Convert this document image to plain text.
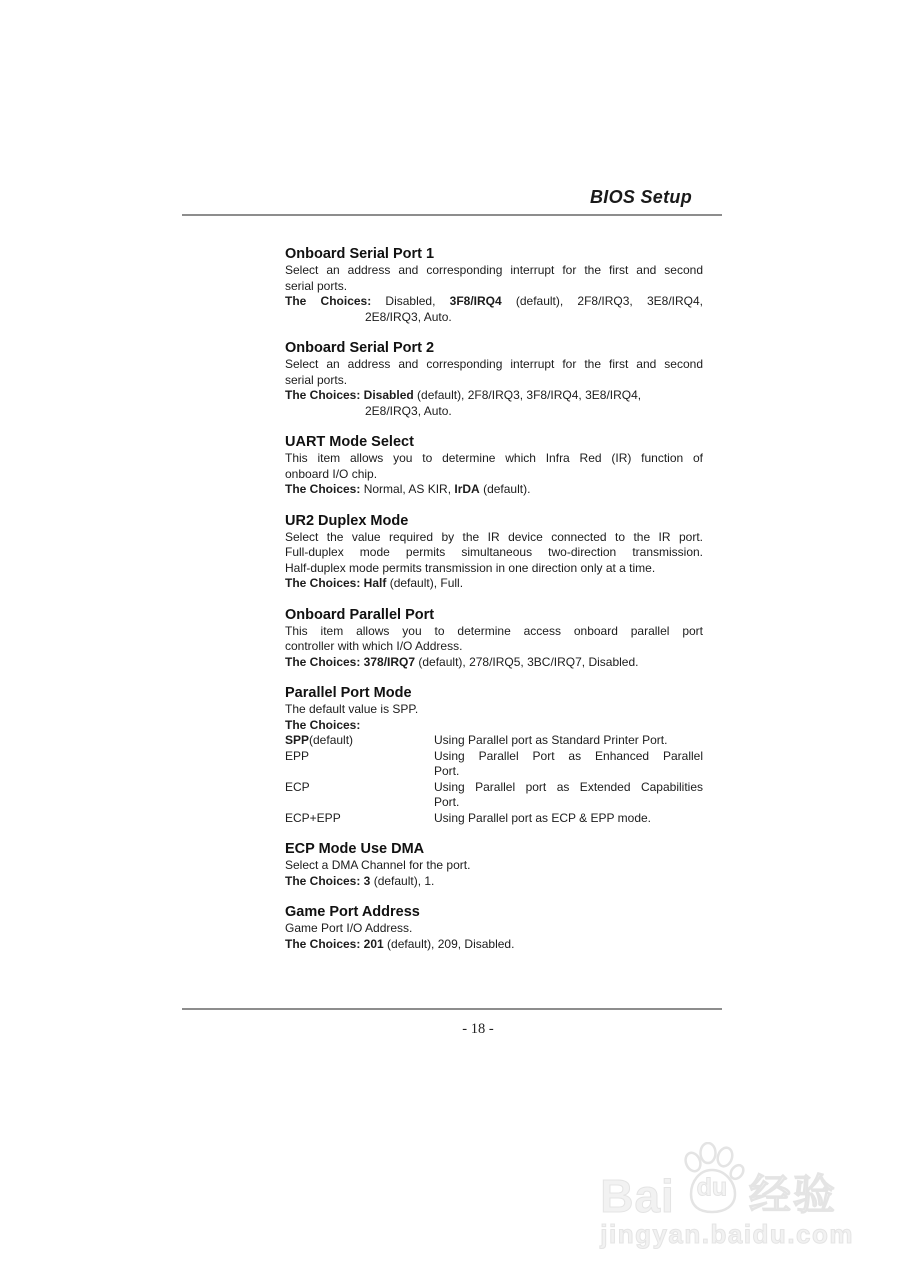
BIOS Setup
Onboard Serial Port 1
Select an address and corresponding interrupt for the first and second
serial ports.
The Choices: Disabled, 3F8/IRQ4 (default), 2F8/IRQ3, 3E8/IRQ4,
2E8/IRQ3, Auto.
Onboard Serial Port 2
Select an address and corresponding interrupt for the first and second
serial ports.
The Choices: Disabled (default), 2F8/IRQ3, 3F8/IRQ4, 3E8/IRQ4,
2E8/IRQ3, Auto.
UART Mode Select
This item allows you to determine which Infra Red (IR) function of
onboard I/O chip.
The Choices: Normal, AS KIR, IrDA (default).
UR2 Duplex Mode
Select the value required by the IR device connected to the IR port.
Full-duplex mode permits simultaneous two-direction transmission.
Half-duplex mode permits transmission in one direction only at a time.
The Choices: Half (default), Full.
Onboard Parallel Port
This item allows you to determine access onboard parallel port
controller with which I/O Address.
The Choices: 378/IRQ7 (default), 278/IRQ5, 3BC/IRQ7, Disabled.
Parallel Port Mode
The default value is SPP.
The Choices:
SPP(default)	Using Parallel port as Standard Printer Port.
EPP	Using Parallel Port as Enhanced Parallel
Port.
ECP	Using Parallel port as Extended Capabilities
Port.
ECP+EPP	Using Parallel port as ECP & EPP mode.
ECP Mode Use DMA
Select a DMA Channel for the port.
The Choices: 3 (default), 1.
Game Port Address
Game Port I/O Address.
The Choices: 201 (default), 209, Disabled.
- 18 -
Bai du 经验
jingyan.baidu.com
